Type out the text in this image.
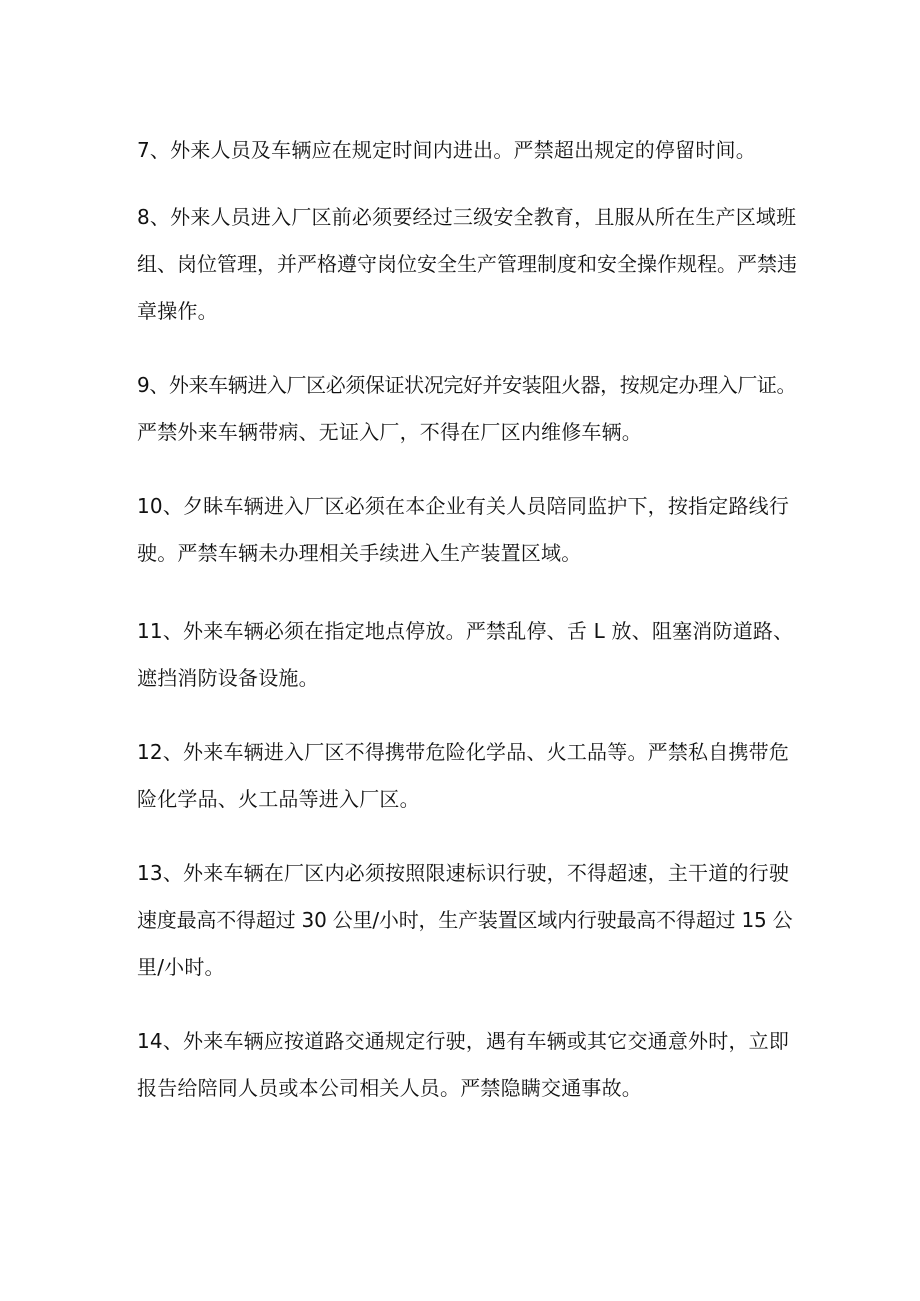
7、外来人员及车辆应在规定时间内进出。严禁超出规定的停留时间。
8、外来人员进入厂区前必须要经过三级安全教育，且服从所在生产区域班
组、岗位管理，并严格遵守岗位安全生产管理制度和安全操作规程。严禁违
章操作。
9、外来车辆进入厂区必须保证状况完好并安装阻火器，按规定办理入厂证。
严禁外来车辆带病、无证入厂，不得在厂区内维修车辆。
10、夕眛车辆进入厂区必须在本企业有关人员陪同监护下，按指定路线行
驶。严禁车辆未办理相关手续进入生产装置区域。
11、外来车辆必须在指定地点停放。严禁乱停、舌 L 放、阻塞消防道路、
遮挡消防设备设施。
12、外来车辆进入厂区不得携带危险化学品、火工品等。严禁私自携带危
险化学品、火工品等进入厂区。
13、外来车辆在厂区内必须按照限速标识行驶，不得超速，主干道的行驶
速度最高不得超过 30 公里/小时，生产装置区域内行驶最高不得超过 15 公
里/小时。
14、外来车辆应按道路交通规定行驶，遇有车辆或其它交通意外时，立即
报告给陪同人员或本公司相关人员。严禁隐瞒交通事故。
